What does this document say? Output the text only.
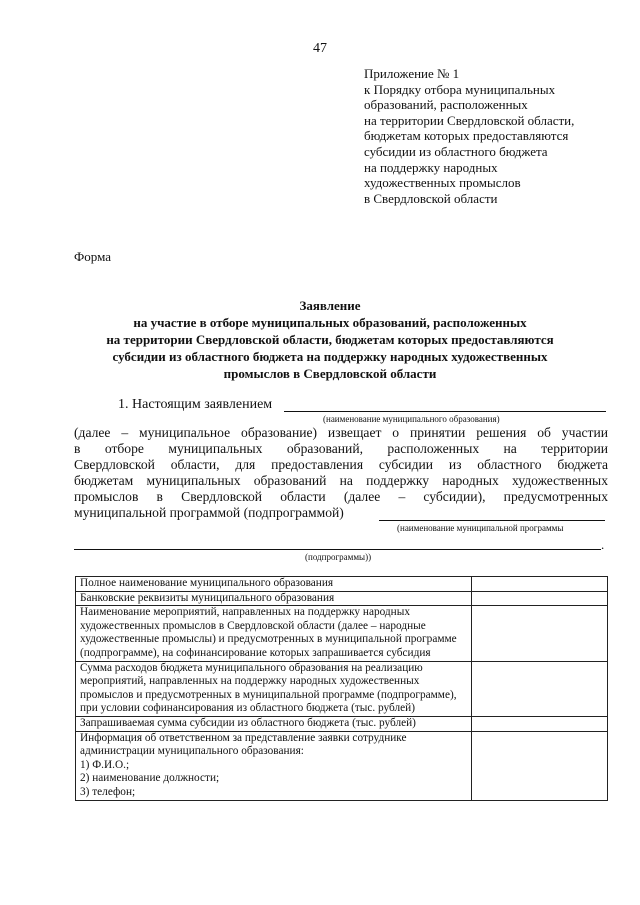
47
Приложение № 1
к Порядку отбора муниципальных
образований, расположенных
на территории Свердловской области,
бюджетам которых предоставляются
субсидии из областного бюджета
на поддержку народных
художественных промыслов
в Свердловской области
Форма
Заявление
на участие в отборе муниципальных образований, расположенных
на территории Свердловской области, бюджетам которых предоставляются
субсидии из областного бюджета на поддержку народных художественных
промыслов в Свердловской области
1. Настоящим заявлением
(наименование муниципального образования)
(далее – муниципальное образование) извещает о принятии решения об участии
в отборе муниципальных образований, расположенных на территории
Свердловской области, для предоставления субсидии из областного бюджета
бюджетам муниципальных образований на поддержку народных художественных
промыслов в Свердловской области (далее – субсидии), предусмотренных
муниципальной программой (подпрограммой)
(наименование муниципальной программы
.
(подпрограммы))
Полное наименование муниципального образования	
Банковские реквизиты муниципального образования	
Наименование мероприятий, направленных на поддержку народных художественных промыслов в Свердловской области (далее – народные художественные промыслы) и предусмотренных в муниципальной программе (подпрограмме), на софинансирование которых запрашивается субсидия	
Сумма расходов бюджета муниципального образования на реализацию мероприятий, направленных на поддержку народных художественных промыслов и предусмотренных в муниципальной программе (подпрограмме), при условии софинансирования из областного бюджета (тыс. рублей)	
Запрашиваемая сумма субсидии из областного бюджета (тыс. рублей)	

Информация об ответственном за представление заявки сотруднике администрации муниципального образования:
1) Ф.И.О.;
2) наименование должности;
3) телефон;	
